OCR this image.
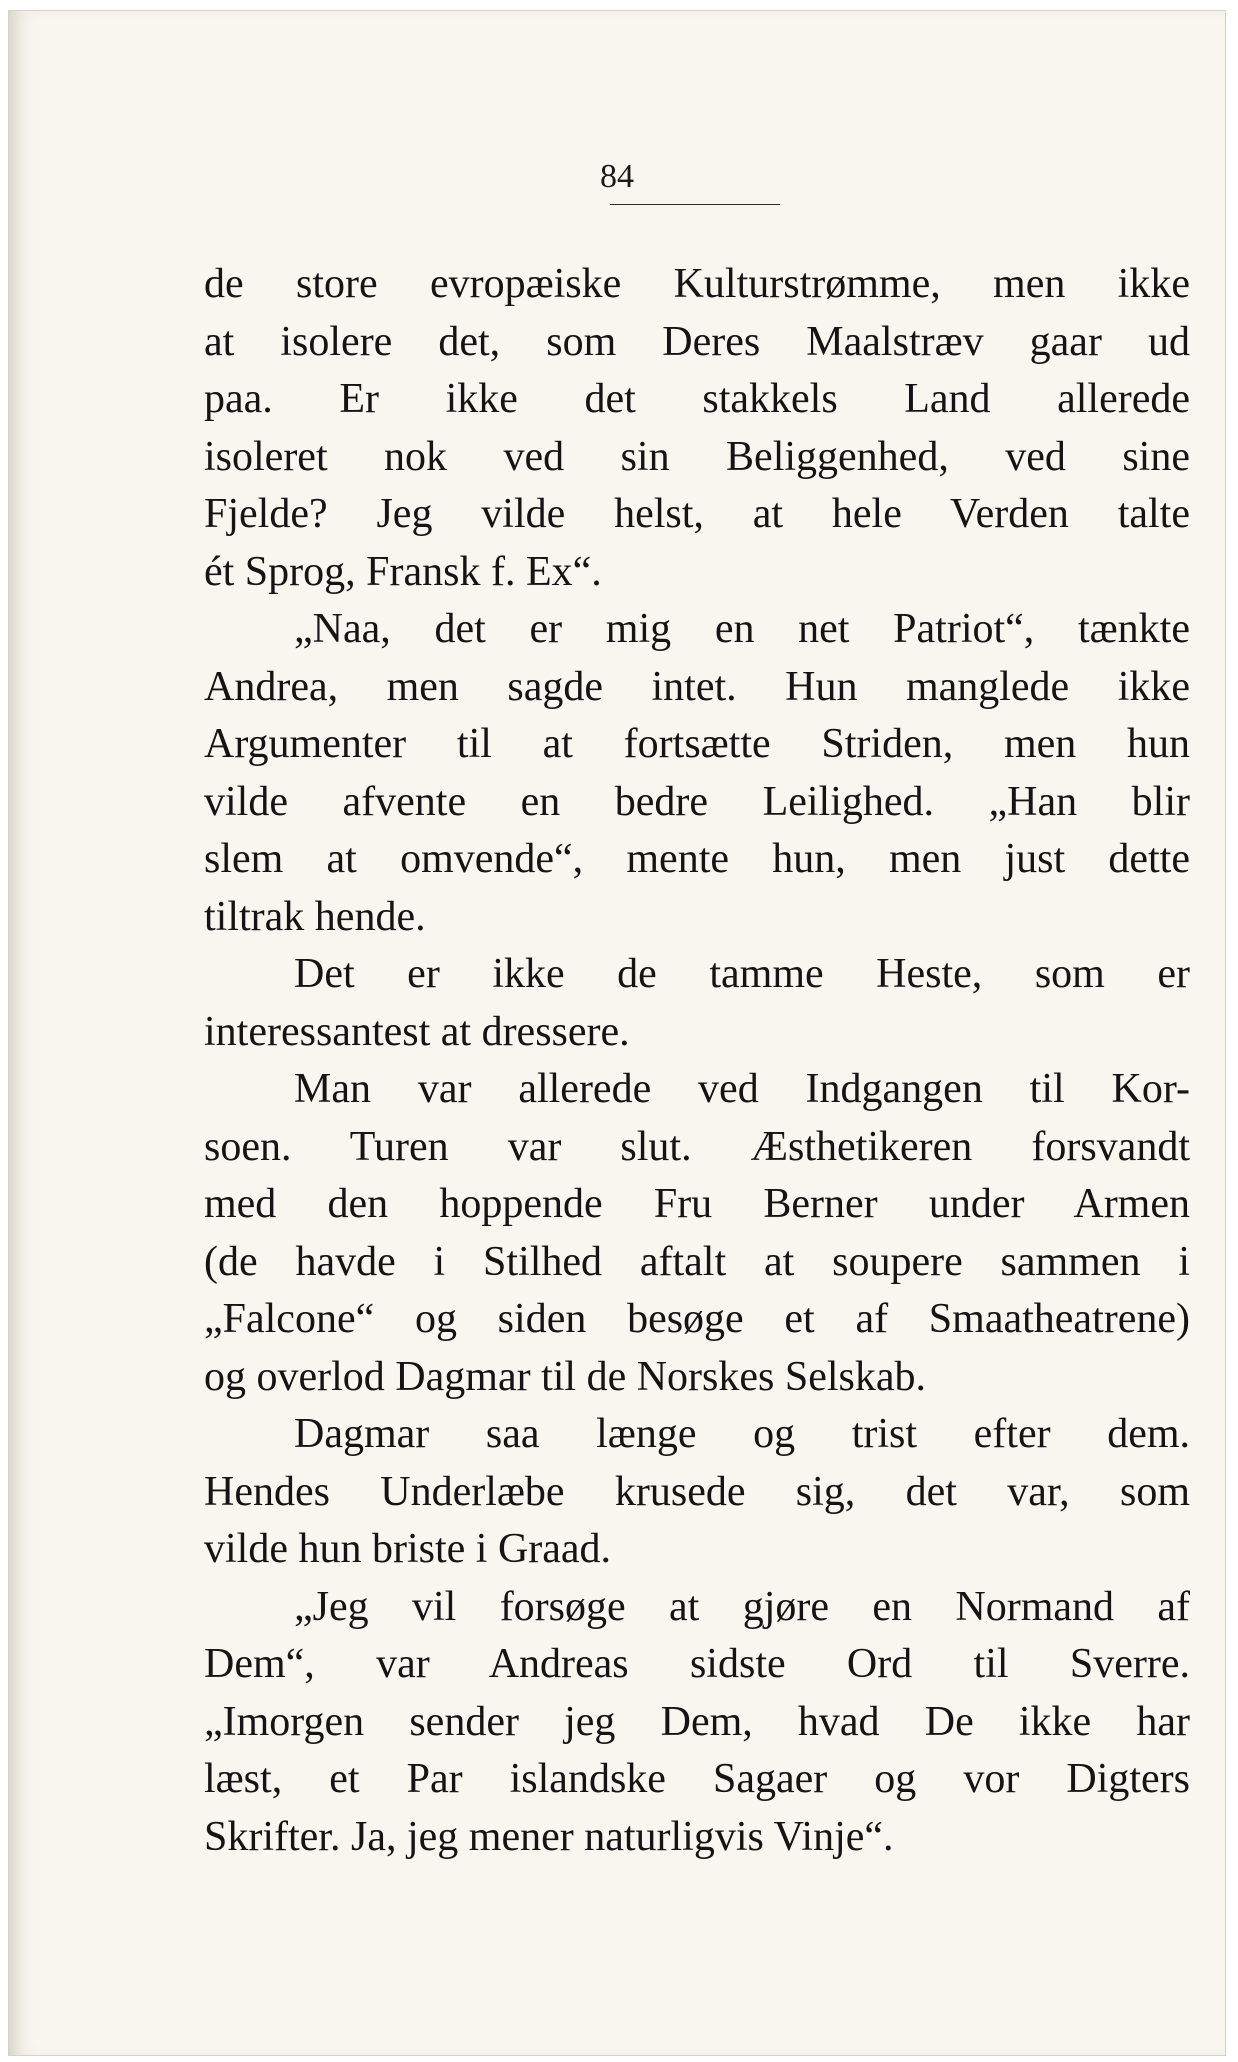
84
de store evropæiske Kulturstrømme, men ikke
at isolere det, som Deres Maalstræv gaar ud
paa. Er ikke det stakkels Land allerede
isoleret nok ved sin Beliggenhed, ved sine
Fjelde? Jeg vilde helst, at hele Verden talte
ét Sprog, Fransk f. Ex“.
„Naa, det er mig en net Patriot“, tænkte
Andrea, men sagde intet. Hun manglede ikke
Argumenter til at fortsætte Striden, men hun
vilde afvente en bedre Leilighed. „Han blir
slem at omvende“, mente hun, men just dette
tiltrak hende.
Det er ikke de tamme Heste, som er
interessantest at dressere.
Man var allerede ved Indgangen til Kor-
soen. Turen var slut. Æsthetikeren forsvandt
med den hoppende Fru Berner under Armen
(de havde i Stilhed aftalt at soupere sammen i
„Falcone“ og siden besøge et af Smaatheatrene)
og overlod Dagmar til de Norskes Selskab.
Dagmar saa længe og trist efter dem.
Hendes Underlæbe krusede sig, det var, som
vilde hun briste i Graad.
„Jeg vil forsøge at gjøre en Normand af
Dem“, var Andreas sidste Ord til Sverre.
„Imorgen sender jeg Dem, hvad De ikke har
læst, et Par islandske Sagaer og vor Digters
Skrifter. Ja, jeg mener naturligvis Vinje“.
